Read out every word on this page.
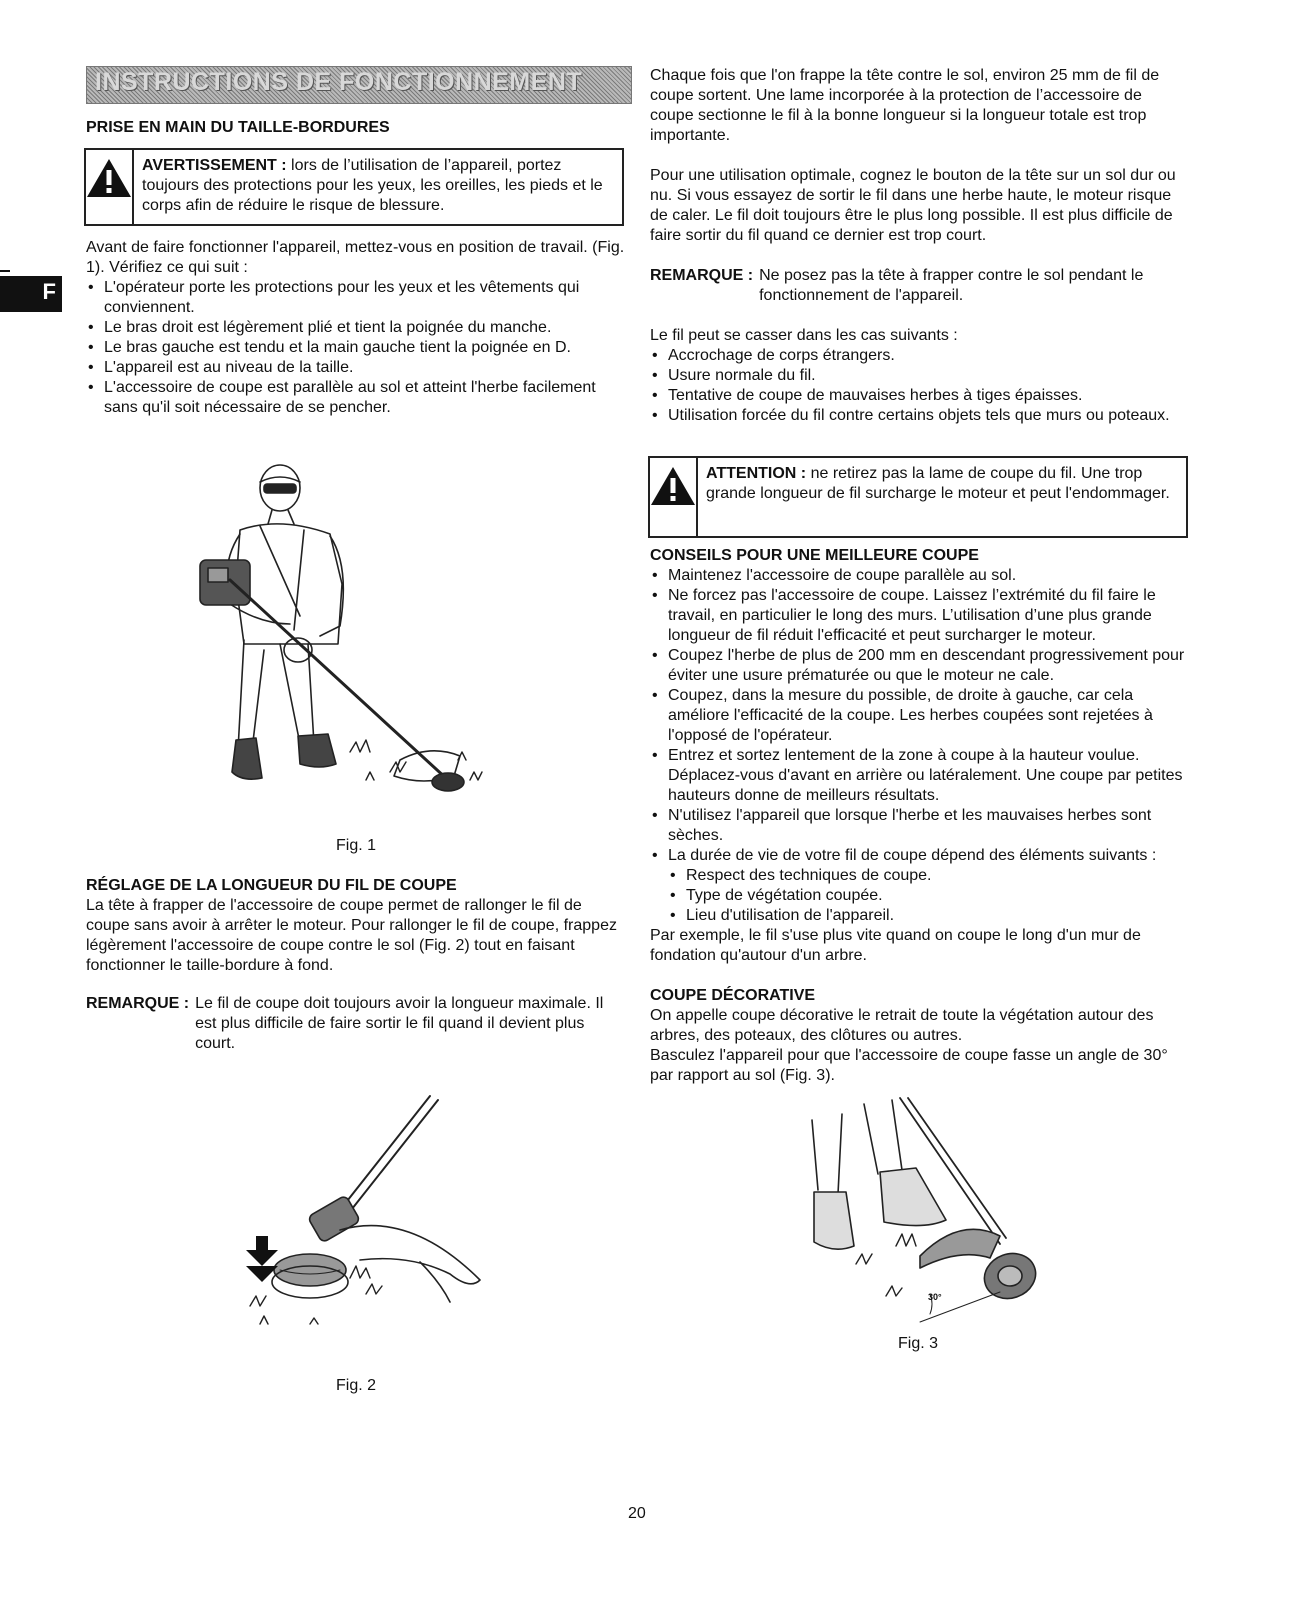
F
INSTRUCTIONS DE FONCTIONNEMENT
PRISE EN MAIN DU TAILLE-BORDURES
AVERTISSEMENT : lors de l’utilisation de l’appareil, portez toujours des protections pour les yeux, les oreilles, les pieds et le corps afin de réduire le risque de blessure.

Avant de faire fonctionner l'appareil, mettez-vous en position de travail. (Fig. 1). Vérifiez ce qui suit :

• L'opérateur porte les protections pour les yeux et les vêtements qui conviennent.
• Le bras droit est légèrement plié et tient la poignée du manche.
• Le bras gauche est tendu et la main gauche tient la poignée en D.
• L'appareil est au niveau de la taille.
• L'accessoire de coupe est parallèle au sol et atteint l'herbe facilement sans qu'il soit nécessaire de se pencher.
Fig. 1
RÉGLAGE DE LA LONGUEUR DU FIL DE COUPE

La tête à frapper de l'accessoire de coupe permet de rallonger le fil de coupe sans avoir à arrêter le moteur. Pour rallonger le fil de coupe, frappez légèrement l'accessoire de coupe contre le sol (Fig. 2) tout en faisant fonctionner le taille-bordure à fond.

REMARQUE : Le fil de coupe doit toujours avoir la longueur maximale. Il est plus difficile de faire sortir le fil quand il devient plus court.
Fig. 2

Chaque fois que l'on frappe la tête contre le sol, environ 25 mm de fil de coupe sortent. Une lame incorporée à la protection de l’accessoire de coupe sectionne le fil à la bonne longueur si la longueur totale est trop importante.

Pour une utilisation optimale, cognez le bouton de la tête sur un sol dur ou nu. Si vous essayez de sortir le fil dans une herbe haute, le moteur risque de caler. Le fil doit toujours être le plus long possible. Il est plus difficile de faire sortir du fil quand ce dernier est trop court.

REMARQUE : Ne posez pas la tête à frapper contre le sol pendant le fonctionnement de l'appareil.

Le fil peut se casser dans les cas suivants :

• Accrochage de corps étrangers.
• Usure normale du fil.
• Tentative de coupe de mauvaises herbes à tiges épaisses.
• Utilisation forcée du fil contre certains objets tels que murs ou poteaux.
ATTENTION : ne retirez pas la lame de coupe du fil. Une trop grande longueur de fil surcharge le moteur et peut l'endommager.
CONSEILS POUR UNE MEILLEURE COUPE
• Maintenez l'accessoire de coupe parallèle au sol.
• Ne forcez pas l'accessoire de coupe. Laissez l’extrémité du fil faire le travail, en particulier le long des murs. L’utilisation d’une plus grande longueur de fil réduit l'efficacité et peut surcharger le moteur.
• Coupez l'herbe de plus de 200 mm en descendant progressivement pour éviter une usure prématurée ou que le moteur ne cale.
• Coupez, dans la mesure du possible, de droite à gauche, car cela améliore l'efficacité de la coupe. Les herbes coupées sont rejetées à l'opposé de l'opérateur.
• Entrez et sortez lentement de la zone à coupe à la hauteur voulue. Déplacez-vous d'avant en arrière ou latéralement. Une coupe par petites hauteurs donne de meilleurs résultats.
• N'utilisez l'appareil que lorsque l'herbe et les mauvaises herbes sont sèches.
• La durée de vie de votre fil de coupe dépend des éléments suivants :
• Respect des techniques de coupe.
• Type de végétation coupée.
• Lieu d'utilisation de l'appareil.

Par exemple, le fil s'use plus vite quand on coupe le long d'un mur de fondation qu'autour d'un arbre.

COUPE DÉCORATIVE

On appelle coupe décorative le retrait de toute la végétation autour des arbres, des poteaux, des clôtures ou autres.

Basculez l'appareil pour que l'accessoire de coupe fasse un angle de 30° par rapport au sol (Fig. 3).

30°
Fig. 3
20
